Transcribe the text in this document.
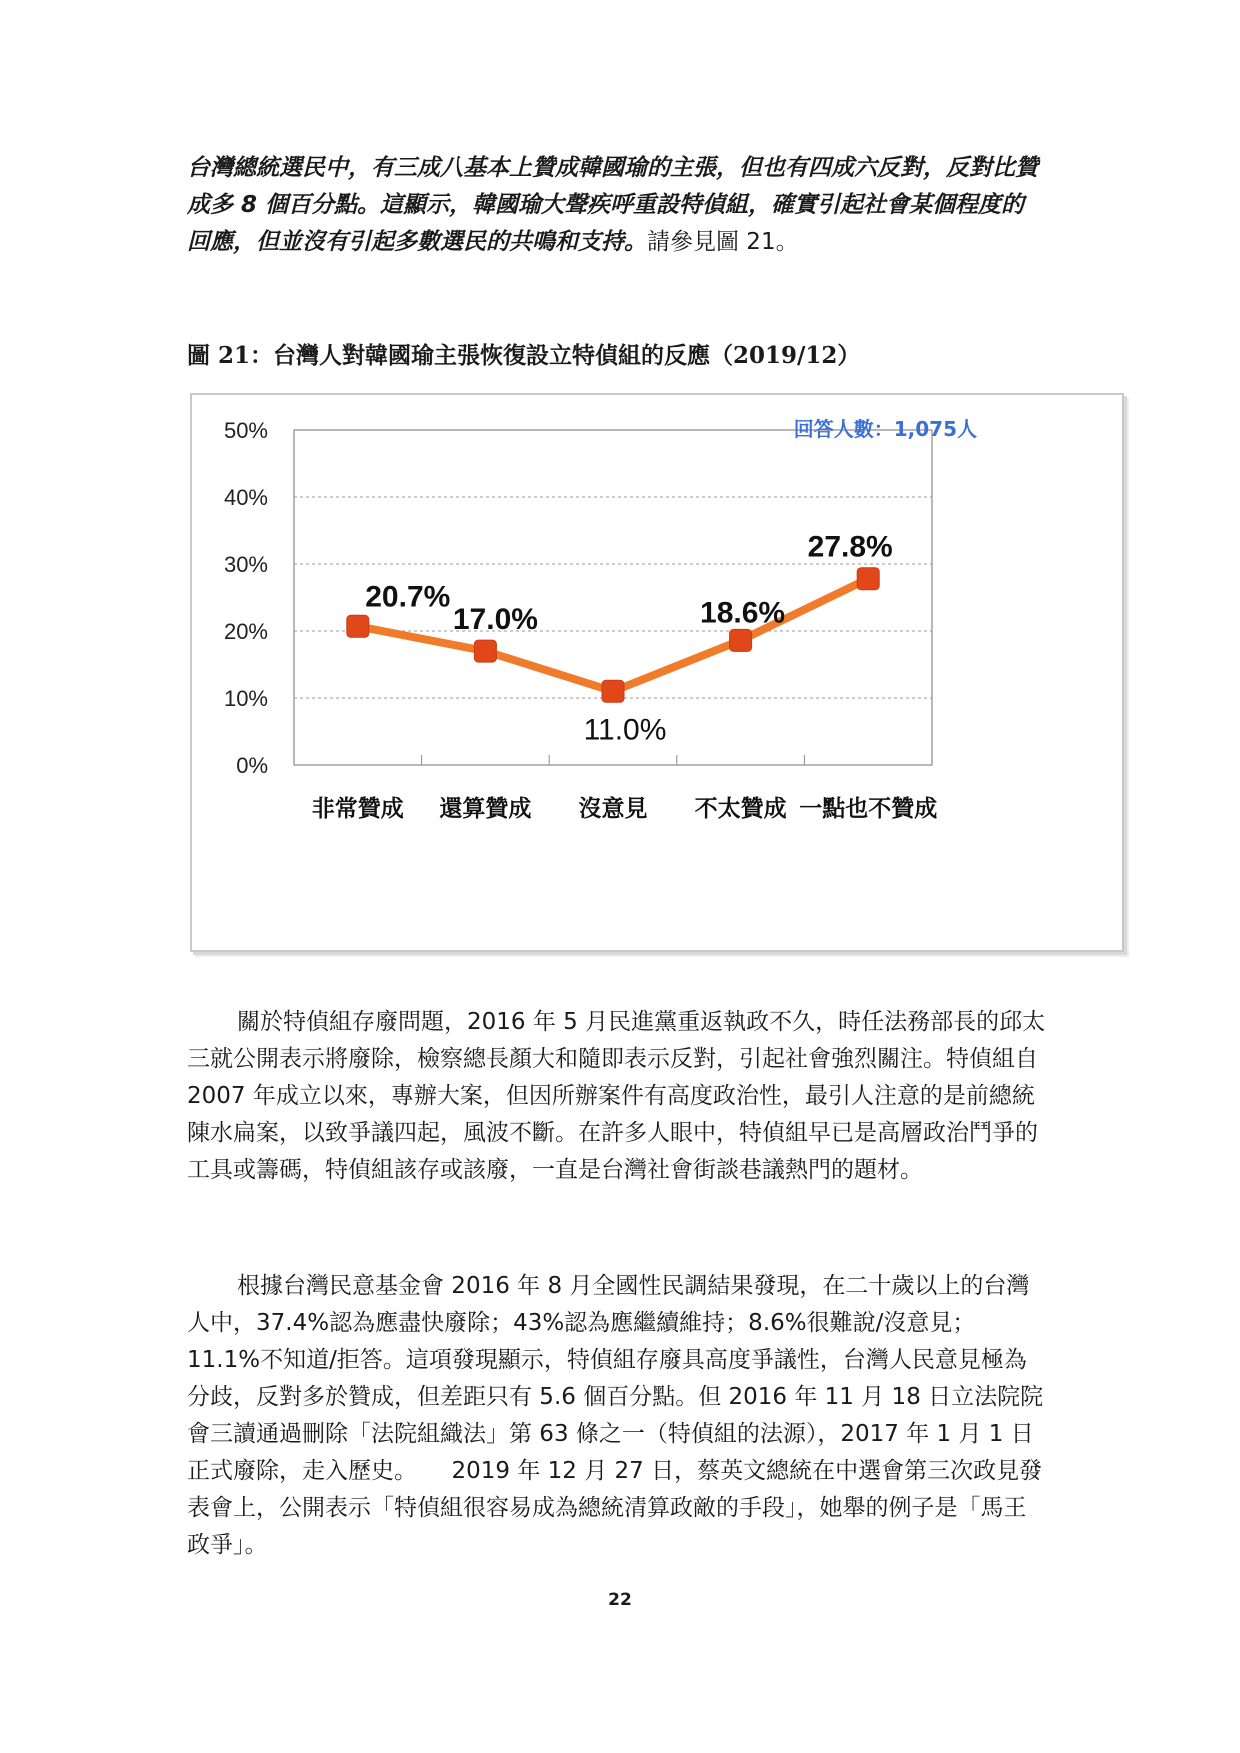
台灣總統選民中，有三成八基本上贊成韓國瑜的主張，但也有四成六反對，反對比贊成多 8 個百分點。這顯示，韓國瑜大聲疾呼重設特偵組，確實引起社會某個程度的回應，但並沒有引起多數選民的共鳴和支持。請參見圖 21。

圖 21：台灣人對韓國瑜主張恢復設立特偵組的反應（2019/12）

0%
10%
20%
30%
40%
50%
20.7%
17.0%
11.0%
18.6%
27.8%
非常贊成 還算贊成 沒意見 不太贊成 一點也不贊成
回答人數：1,075人

關於特偵組存廢問題，2016 年 5 月民進黨重返執政不久，時任法務部長的邱太三就公開表示將廢除，檢察總長顏大和隨即表示反對，引起社會強烈關注。特偵組自 2007 年成立以來，專辦大案，但因所辦案件有高度政治性，最引人注意的是前總統陳水扁案，以致爭議四起，風波不斷。在許多人眼中，特偵組早已是高層政治鬥爭的工具或籌碼，特偵組該存或該廢，一直是台灣社會街談巷議熱門的題材。

根據台灣民意基金會 2016 年 8 月全國性民調結果發現，在二十歲以上的台灣人中，37.4%認為應盡快廢除；43%認為應繼續維持；8.6%很難說/沒意見；11.1%不知道/拒答。這項發現顯示，特偵組存廢具高度爭議性，台灣人民意見極為分歧，反對多於贊成，但差距只有 5.6 個百分點。但 2016 年 11 月 18 日立法院院會三讀通過刪除「法院組織法」第 63 條之一（特偵組的法源），2017 年 1 月 1 日正式廢除，走入歷史。　　2019 年 12 月 27 日，蔡英文總統在中選會第三次政見發表會上，公開表示「特偵組很容易成為總統清算政敵的手段」，她舉的例子是「馬王政爭」。

22
